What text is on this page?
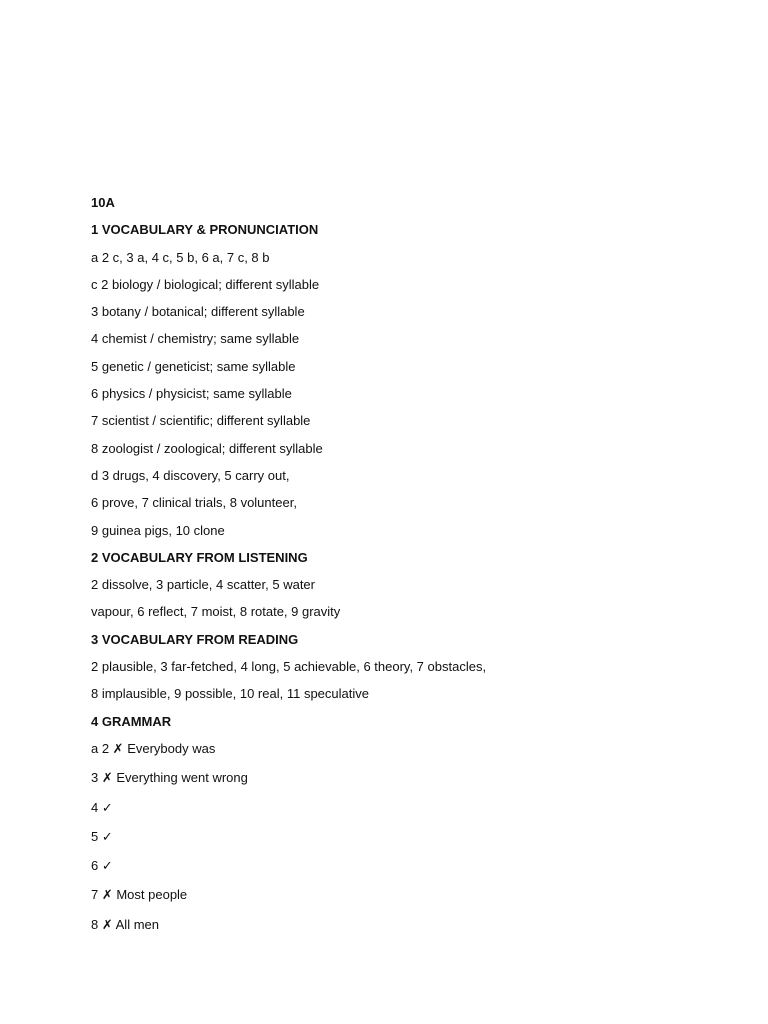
10A
1 VOCABULARY & PRONUNCIATION
a 2 c, 3 a, 4 c, 5 b, 6 a, 7 c, 8 b
c 2 biology / biological; different syllable
3 botany / botanical; different syllable
4 chemist / chemistry; same syllable
5 genetic / geneticist; same syllable
6 physics / physicist; same syllable
7 scientist / scientific; different syllable
8 zoologist / zoological; different syllable
d 3 drugs, 4 discovery, 5 carry out,
6 prove, 7 clinical trials, 8 volunteer,
9 guinea pigs, 10 clone
2 VOCABULARY FROM LISTENING
2 dissolve, 3 particle, 4 scatter, 5 water
vapour, 6 reflect, 7 moist, 8 rotate, 9 gravity
3 VOCABULARY FROM READING
2 plausible, 3 far-fetched, 4 long, 5 achievable, 6 theory, 7 obstacles,
8 implausible, 9 possible, 10 real, 11 speculative
4 GRAMMAR
a 2 ✗ Everybody was
3 ✗ Everything went wrong
4 ✓
5 ✓
6 ✓
7 ✗ Most people
8 ✗ All men
